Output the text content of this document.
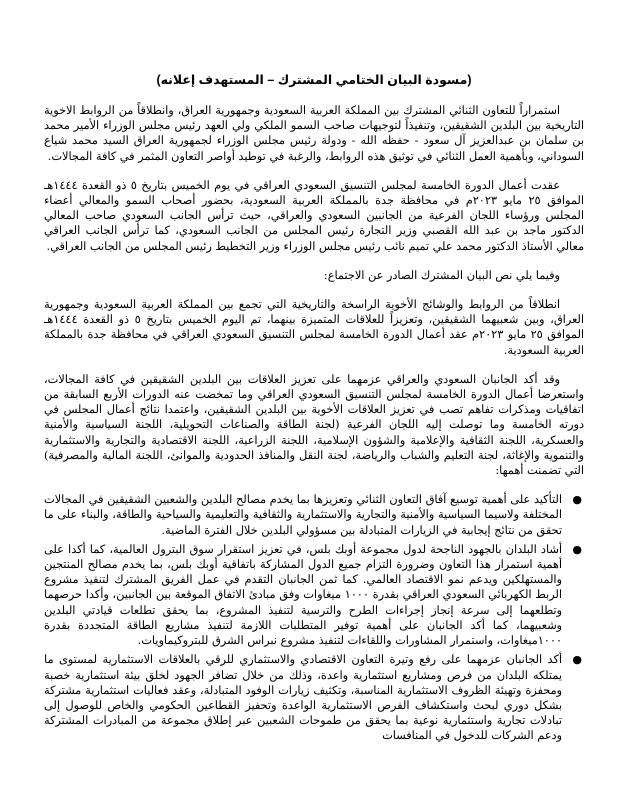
(مسودة البيان الختامي المشترك – المستهدف إعلانه)

استمراراً للتعاون الثنائي المشترك بين المملكة العربية السعودية وجمهورية العراق، وانطلاقاً من الروابط الاخوية التاريخية بين البلدين الشقيقين، وتنفيذاً لتوجيهات صاحب السمو الملكي ولي العهد رئيس مجلس الوزراء الأمير محمد بن سلمان بن عبدالعزيز آل سعود - حفظه الله - ودولة رئيس مجلس الوزراء لجمهورية العراق السيد محمد شياع السوداني، وبأهمية العمل الثنائي في توثيق هذه الروابط، والرغبة في توطيد أواصر التعاون المثمر في كافة المجالات.

عقدت أعمال الدورة الخامسة لمجلس التنسيق السعودي العراقي في يوم الخميس بتاريخ ٥ ذو القعدة ١٤٤٤هـ الموافق ٢٥ مايو ٢٠٢٣م في محافظة جدة بالمملكة العربية السعودية، بحضور أصحاب السمو والمعالي أعضاء المجلس ورؤساء اللجان الفرعية من الجانبين السعودي والعراقي، حيث ترأس الجانب السعودي صاحب المعالي الدكتور ماجد بن عبد الله القصبي وزير التجارة رئيس المجلس من الجانب السعودي، كما ترأس الجانب العراقي معالي الأستاذ الدكتور محمد علي تميم نائب رئيس مجلس الوزراء وزير التخطيط رئيس المجلس من الجانب العراقي.

وفيما يلي نص البيان المشترك الصادر عن الاجتماع:

انطلاقاً من الروابط والوشائج الأخوية الراسخة والتاريخية التي تجمع بين المملكة العربية السعودية وجمهورية العراق، وبين شعبيهما الشقيقين، وتعزيزاً للعلاقات المتميزة بينهما، تم اليوم الخميس بتاريخ ٥ ذو القعدة ١٤٤٤هـ الموافق ٢٥ مايو ٢٠٢٣م عقد أعمال الدورة الخامسة لمجلس التنسيق السعودي العراقي في محافظة جدة بالمملكة العربية السعودية.

وقد أكد الجانبان السعودي والعراقي عزمهما على تعزيز العلاقات بين البلدين الشقيقين في كافة المجالات، واستعرضا أعمال الدورة الخامسة لمجلس التنسيق السعودي العراقي وما تمخضت عنه الدورات الأربع السابقة من اتفاقيات ومذكرات تفاهم تصب في تعزيز العلاقات الأخوية بين البلدين الشقيقين، واعتمدا نتائج أعمال المجلس في دورته الخامسة وما توصلت إليه اللجان الفرعية (لجنة الطاقة والصناعات التحويلية، اللجنة السياسية والأمنية والعسكرية، اللجنة الثقافية والإعلامية والشؤون الإسلامية، اللجنة الزراعية، اللجنة الاقتصادية والتجارية والاستثمارية والتنموية والإغاثة، لجنة التعليم والشباب والرياضة، لجنة النقل والمنافذ الحدودية والموانئ، اللجنة المالية والمصرفية) التي تضمنت أهمها:

●
التأكيد على أهمية توسيع آفاق التعاون الثنائي وتعزيزها بما يخدم مصالح البلدين والشعبين الشقيقين في المجالات المختلفة ولاسيما السياسية والأمنية والتجارية والاستثمارية والثقافية والتعليمية والسياحية والطاقة، والبناء على ما تحقق من نتائج إيجابية في الزيارات المتبادلة بين مسؤولي البلدين خلال الفترة الماضية.
●
أشاد البلدان بالجهود الناجحة لدول مجموعة أوبك بلس، في تعزيز استقرار سوق البترول العالمية، كما أكدا على أهمية استمرار هذا التعاون وضرورة التزام جميع الدول المشاركة باتفاقية أوبك بلس، بما يخدم مصالح المنتجين والمستهلكين ويدعم نمو الاقتصاد العالمي. كما ثمن الجانبان التقدم في عمل الفريق المشترك لتنفيذ مشروع الربط الكهربائي السعودي العراقي بقدرة ١٠٠٠ ميغاوات وفق مبادئ الاتفاق الموقعة بين الجانبين، وأكدا حرصهما وتطلعهما إلى سرعة إنجاز إجراءات الطرح والترسية لتنفيذ المشروع، بما يحقق تطلعات قيادتي البلدين وشعبيهما، كما أكد الجانبان على أهمية توفير المتطلبات اللازمة لتنفيذ مشاريع الطاقة المتجددة بقدرة ١٠٠٠ميغاوات، واستمرار المشاورات واللقاءات لتنفيذ مشروع نبراس الشرق للبتروكيماويات.
●
أكد الجانبان عزمهما على رفع وتيرة التعاون الاقتصادي والاستثماري للرقي بالعلاقات الاستثمارية لمستوى ما يمتلكه البلدان من فرص ومشاريع استثمارية واعدة، وذلك من خلال تضافر الجهود لخلق بيئة استثمارية خصبة ومحفزة وتهيئة الظروف الاستثمارية المناسبة، وتكثيف زيارات الوفود المتبادلة، وعقد فعاليات استثمارية مشتركة بشكل دوري لبحث واستكشاف الفرص الاستثمارية الواعدة وتحفيز القطاعين الحكومي والخاص للوصول إلى تبادلات تجارية واستثمارية نوعية بما يحقق من طموحات الشعبين عبر إطلاق مجموعة من المبادرات المشتركة ودعم الشركات للدخول في المنافسات
